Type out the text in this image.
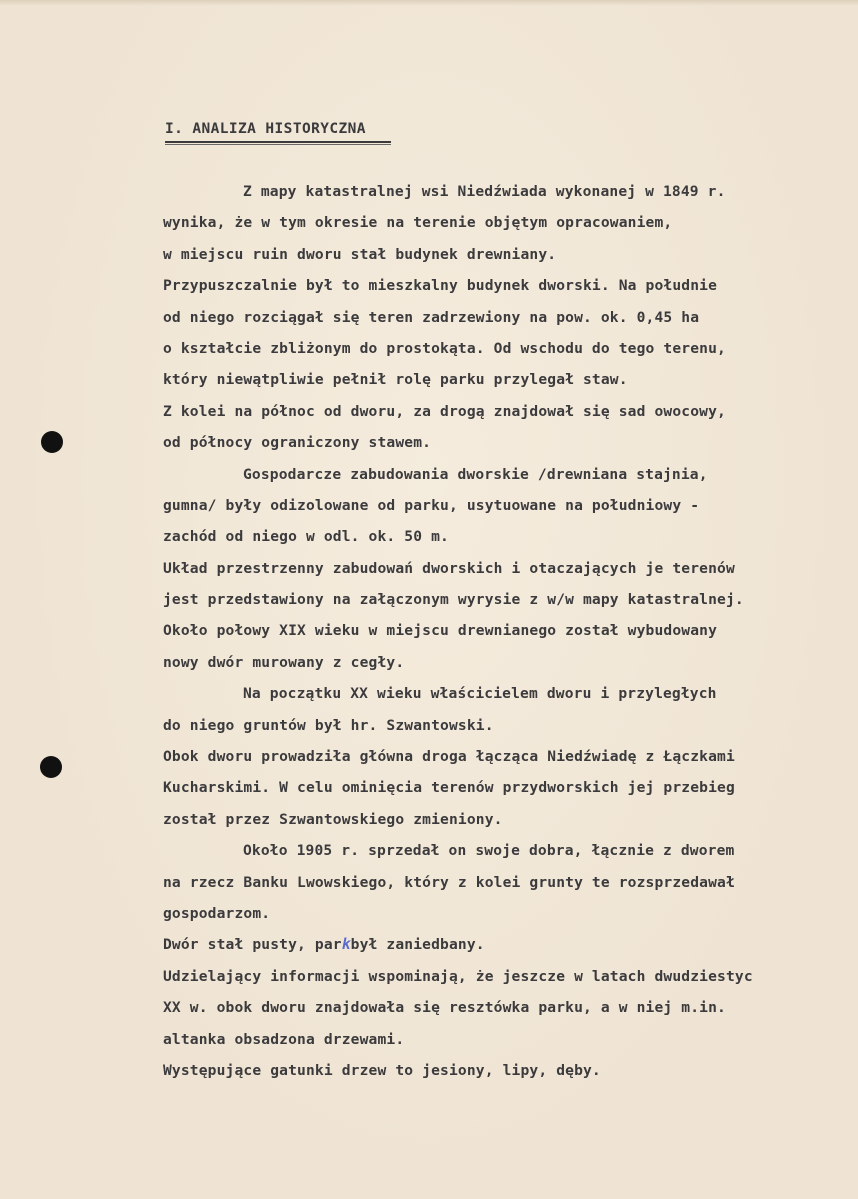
I. ANALIZA HISTORYCZNA
Z mapy katastralnej wsi Niedźwiada wykonanej w 1849 r.
wynika, że w tym okresie na terenie objętym opracowaniem,
w miejscu ruin dworu stał budynek drewniany.
Przypuszczalnie był to mieszkalny budynek dworski. Na południe
od niego rozciągał się teren zadrzewiony na pow. ok. 0,45 ha
o kształcie zbliżonym do prostokąta. Od wschodu do tego terenu,
który niewątpliwie pełnił rolę parku przylegał staw.
Z kolei na północ od dworu, za drogą znajdował się sad owocowy,
od północy ograniczony stawem.
Gospodarcze zabudowania dworskie /drewniana stajnia,
gumna/ były odizolowane od parku, usytuowane na południowy -
zachód od niego w odl. ok. 50 m.
Układ przestrzenny zabudowań dworskich i otaczających je terenów
jest przedstawiony na załączonym wyrysie z w/w mapy katastralnej.
Około połowy XIX wieku w miejscu drewnianego został wybudowany
nowy dwór murowany z cegły.
Na początku XX wieku właścicielem dworu i przyległych
do niego gruntów był hr. Szwantowski.
Obok dworu prowadziła główna droga łącząca Niedźwiadę z Łączkami
Kucharskimi. W celu ominięcia terenów przydworskich jej przebieg
został przez Szwantowskiego zmieniony.
Około 1905 r. sprzedał on swoje dobra, łącznie z dworem
na rzecz Banku Lwowskiego, który z kolei grunty te rozsprzedawał
gospodarzom.
Dwór stał pusty, parkbył zaniedbany.
Udzielający informacji wspominają, że jeszcze w latach dwudziestyc
XX w. obok dworu znajdowała się resztówka parku, a w niej m.in.
altanka obsadzona drzewami.
Występujące gatunki drzew to jesiony, lipy, dęby.
